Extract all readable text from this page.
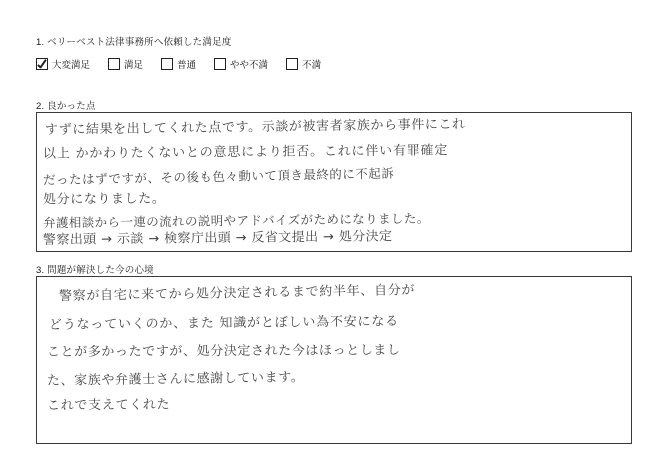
1. ベリーベスト法律事務所へ依頼した満足度
大変満足	満足	普通	やや不満	不満
2. 良かった点
すずに結果を出してくれた点です。示談が被害者家族から事件にこれ
以上 かかわりたくないとの意思により拒否。これに伴い有罪確定
だったはずですが、その後も色々動いて頂き最終的に不起訴
処分になりました。
弁護相談から一連の流れの説明やアドバイズがためになりました。
警察出頭 → 示談 → 検察庁出頭 → 反省文提出 → 処分決定
3. 問題が解決した今の心境
警察が自宅に来てから処分決定されるまで約半年、自分が
どうなっていくのか、また 知識がとぼしい為不安になる
ことが多かったですが、処分決定された今はほっとしまし
た、家族や弁護士さんに感謝しています。
これで支えてくれた
